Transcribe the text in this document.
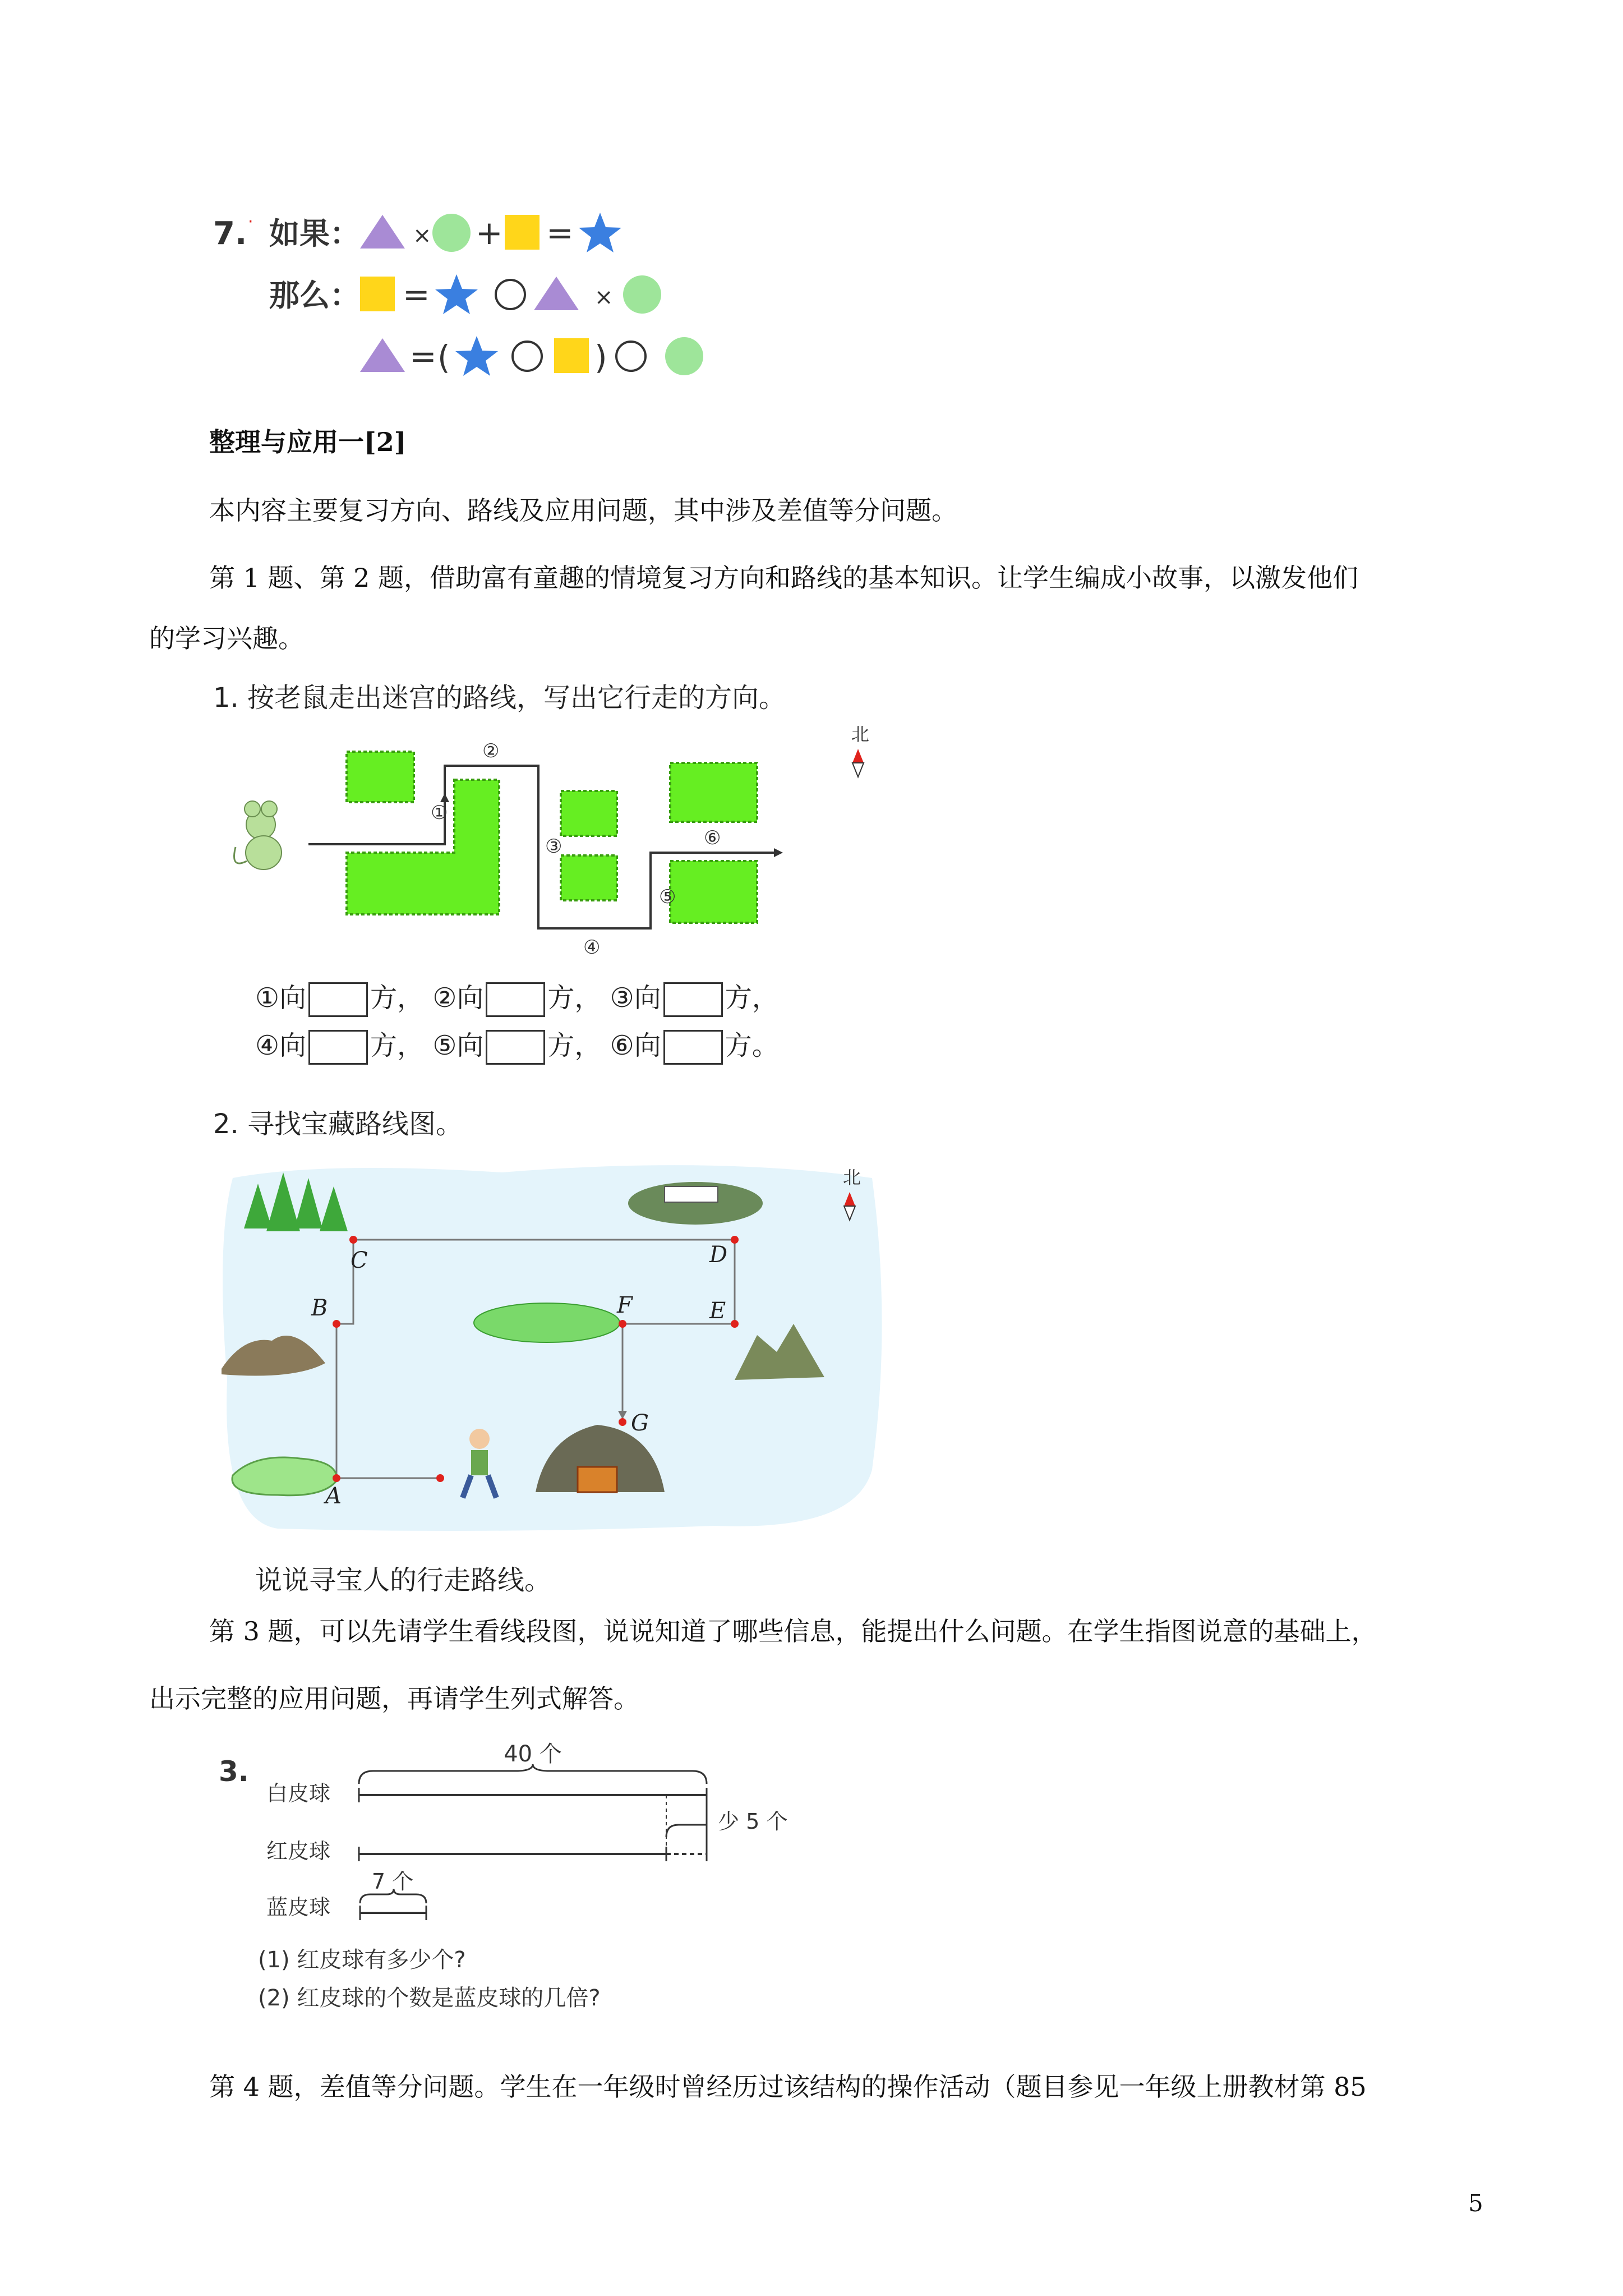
7. · 如果： × + =
那么： =	×
= (	)
整理与应用一[2]
本内容主要复习方向、路线及应用问题，其中涉及差值等分问题。
第 1 题、第 2 题，借助富有童趣的情境复习方向和路线的基本知识。让学生编成小故事，以激发他们
的学习兴趣。
1. 按老鼠走出迷宫的路线，写出它行走的方向。
①
②
③
④
⑤
⑥
北
①向 方， ②向 方， ③向 方，
④向 方， ⑤向 方， ⑥向 方。
2. 寻找宝藏路线图。
A
B
C	D
E
F
G
北
说说寻宝人的行走路线。
第 3 题，可以先请学生看线段图，说说知道了哪些信息，能提出什么问题。在学生指图说意的基础上，
出示完整的应用问题，再请学生列式解答。
3.
白皮球
红皮球
蓝皮球
40 个
少 5 个
7 个
(1) 红皮球有多少个?
(2) 红皮球的个数是蓝皮球的几倍?
第 4 题，差值等分问题。学生在一年级时曾经历过该结构的操作活动（题目参见一年级上册教材第 85
5
